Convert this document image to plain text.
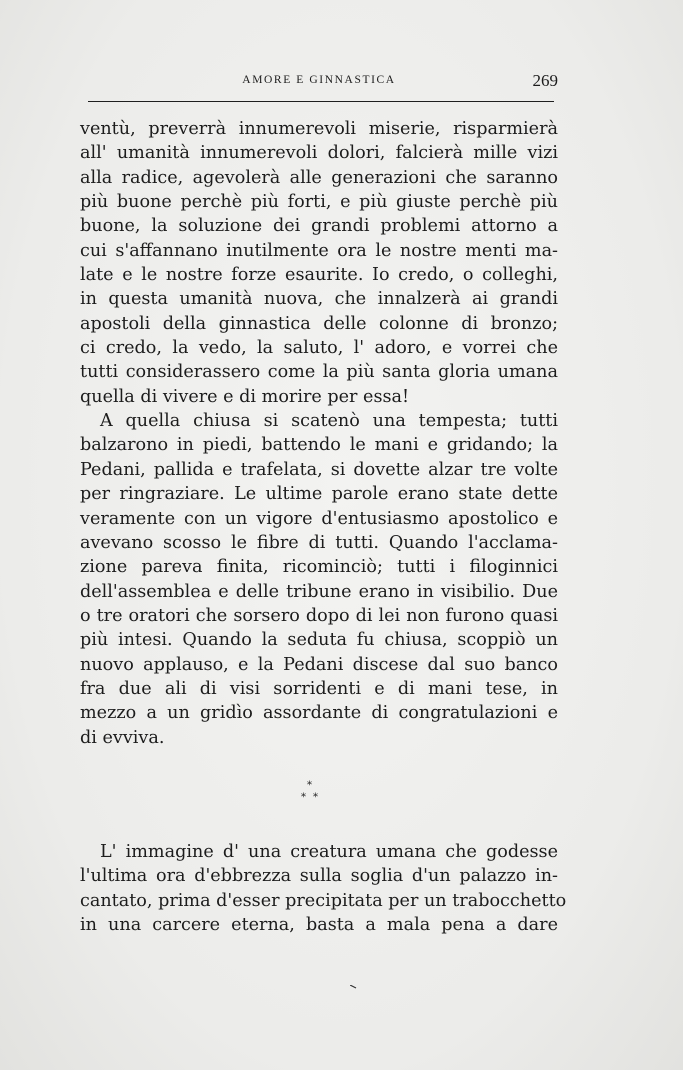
AMORE E GINNASTICA	269
ventù, preverrà innumerevoli miserie, risparmierà
all' umanità innumerevoli dolori, falcierà mille vizi
alla radice, agevolerà alle generazioni che saranno
più buone perchè più forti, e più giuste perchè più
buone, la soluzione dei grandi problemi attorno a
cui s'affannano inutilmente ora le nostre menti ma-
late e le nostre forze esaurite. Io credo, o colleghi,
in questa umanità nuova, che innalzerà ai grandi
apostoli della ginnastica delle colonne di bronzo;
ci credo, la vedo, la saluto, l' adoro, e vorrei che
tutti considerassero come la più santa gloria umana
quella di vivere e di morire per essa!
A quella chiusa si scatenò una tempesta; tutti
balzarono in piedi, battendo le mani e gridando; la
Pedani, pallida e trafelata, si dovette alzar tre volte
per ringraziare. Le ultime parole erano state dette
veramente con un vigore d'entusiasmo apostolico e
avevano scosso le fibre di tutti. Quando l'acclama-
zione pareva finita, ricominciò; tutti i filoginnici
dell'assemblea e delle tribune erano in visibilio. Due
o tre oratori che sorsero dopo di lei non furono quasi
più intesi. Quando la seduta fu chiusa, scoppiò un
nuovo applauso, e la Pedani discese dal suo banco
fra due ali di visi sorridenti e di mani tese, in
mezzo a un gridìo assordante di congratulazioni e
di evviva.
*
* *
L' immagine d' una creatura umana che godesse
l'ultima ora d'ebbrezza sulla soglia d'un palazzo in-
cantato, prima d'esser precipitata per un trabocchetto
in una carcere eterna, basta a mala pena a dare
